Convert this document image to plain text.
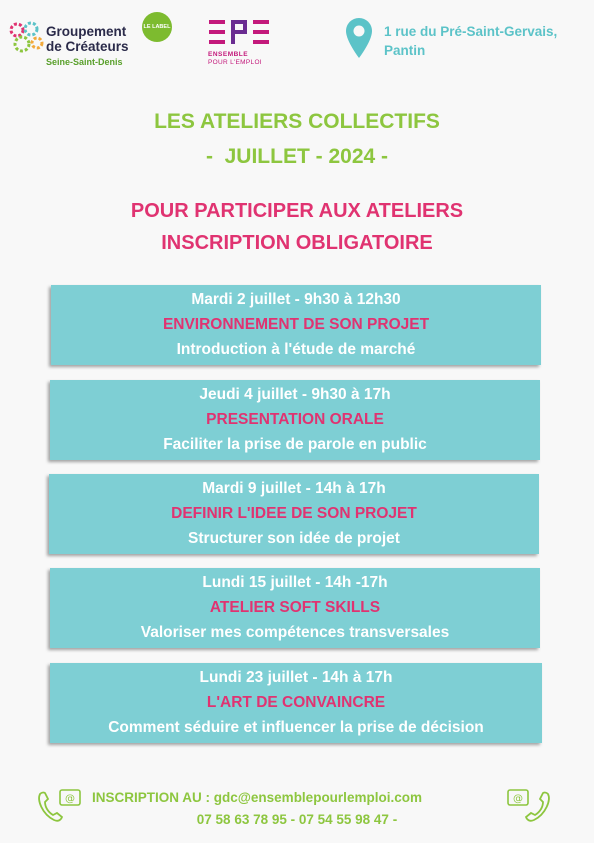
Groupement
de Créateurs
Seine-Saint-Denis
LE LABEL
ENSEMBLE
POUR L'EMPLOI
1 rue du Pré-Saint-Gervais,
Pantin
LES ATELIERS COLLECTIFS
-  JUILLET - 2024 -
POUR PARTICIPER AUX ATELIERS
INSCRIPTION OBLIGATOIRE
Mardi 2 juillet - 9h30 à 12h30
ENVIRONNEMENT DE SON PROJET
Introduction à l'étude de marché
Jeudi 4 juillet - 9h30 à 17h
PRESENTATION ORALE
Faciliter la prise de parole en public
Mardi 9 juillet - 14h à 17h
DEFINIR L'IDEE DE SON PROJET
Structurer son idée de projet
Lundi 15 juillet - 14h -17h
ATELIER SOFT SKILLS
Valoriser mes compétences transversales
Lundi 23 juillet - 14h à 17h
L'ART DE CONVAINCRE
Comment séduire et influencer la prise de décision
@ INSCRIPTION AU : gdc@ensemblepourlemploi.com
07 58 63 78 95 - 07 54 55 98 47 -
@
